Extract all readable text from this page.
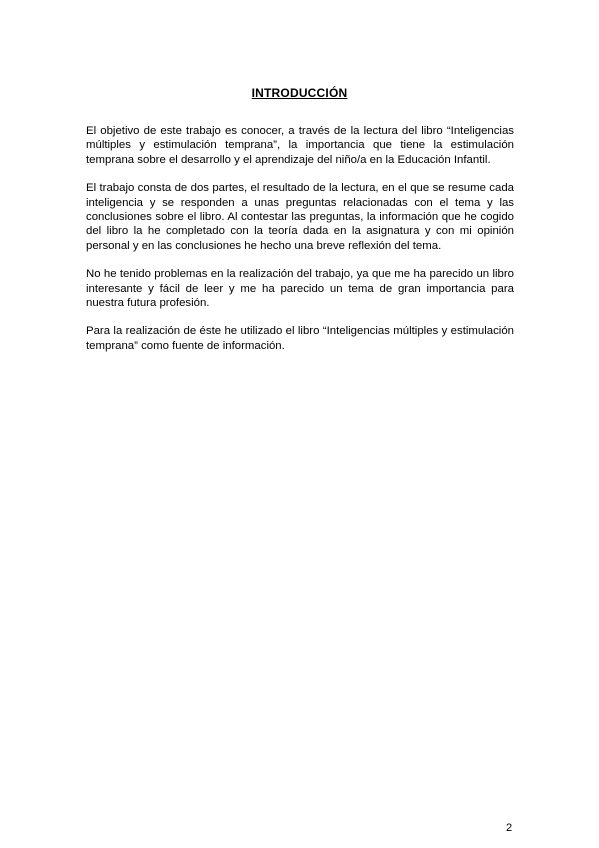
INTRODUCCIÓN

El objetivo de este trabajo es conocer, a través de la lectura del libro “Inteligencias múltiples y estimulación temprana”, la importancia que tiene la estimulación temprana sobre el desarrollo y el aprendizaje del niño/a en la Educación Infantil.

El trabajo consta de dos partes, el resultado de la lectura, en el que se resume cada inteligencia y se responden a unas preguntas relacionadas con el tema y las conclusiones sobre el libro. Al contestar las preguntas, la información que he cogido del libro la he completado con la teoría dada en la asignatura y con mi opinión personal y en las conclusiones he hecho una breve reflexión del tema.

No he tenido problemas en la realización del trabajo, ya que me ha parecido un libro interesante y fácil de leer y me ha parecido un tema de gran importancia para nuestra futura profesión.

Para la realización de éste he utilizado el libro “Inteligencias múltiples y estimulación temprana” como fuente de información.

2
